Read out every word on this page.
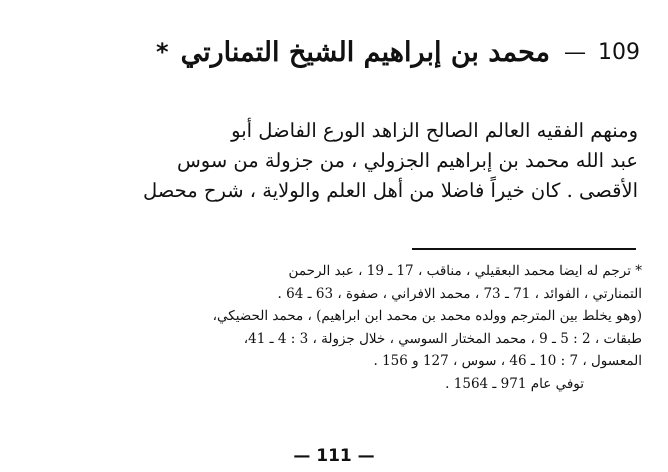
109
—
محمد بن إبراهيم الشيخ التمنارتي
*
ومنهم الفقيه العالم الصالح الزاهد الورع الفاضل أبو
عبد الله محمد بن إبراهيم الجزولي ، من جزولة من سوس
الأقصى . كان خيراً فاضلا من أهل العلم والولاية ، شرح محصل
* ترجم له ايضا محمد البعقيلي ، مناقب ، 17 ـ 19 ، عبد الرحمن
التمنارتي ، الفوائد ، 71 ـ 73 ، محمد الافراني ، صفوة ، 63 ـ 64 .
(وهو يخلط بين المترجم وولده محمد بن محمد ابن ابراهيم) ، محمد الحضيكي،
طبقات ، 2 : 5 ـ 9 ، محمد المختار السوسي ، خلال جزولة ، 3 : 4 ـ 41،
المعسول ، 7 : 10 ـ 46 ، سوس ، 127 و 156 .
توفي عام 971 ـ 1564 .
— 111 —
